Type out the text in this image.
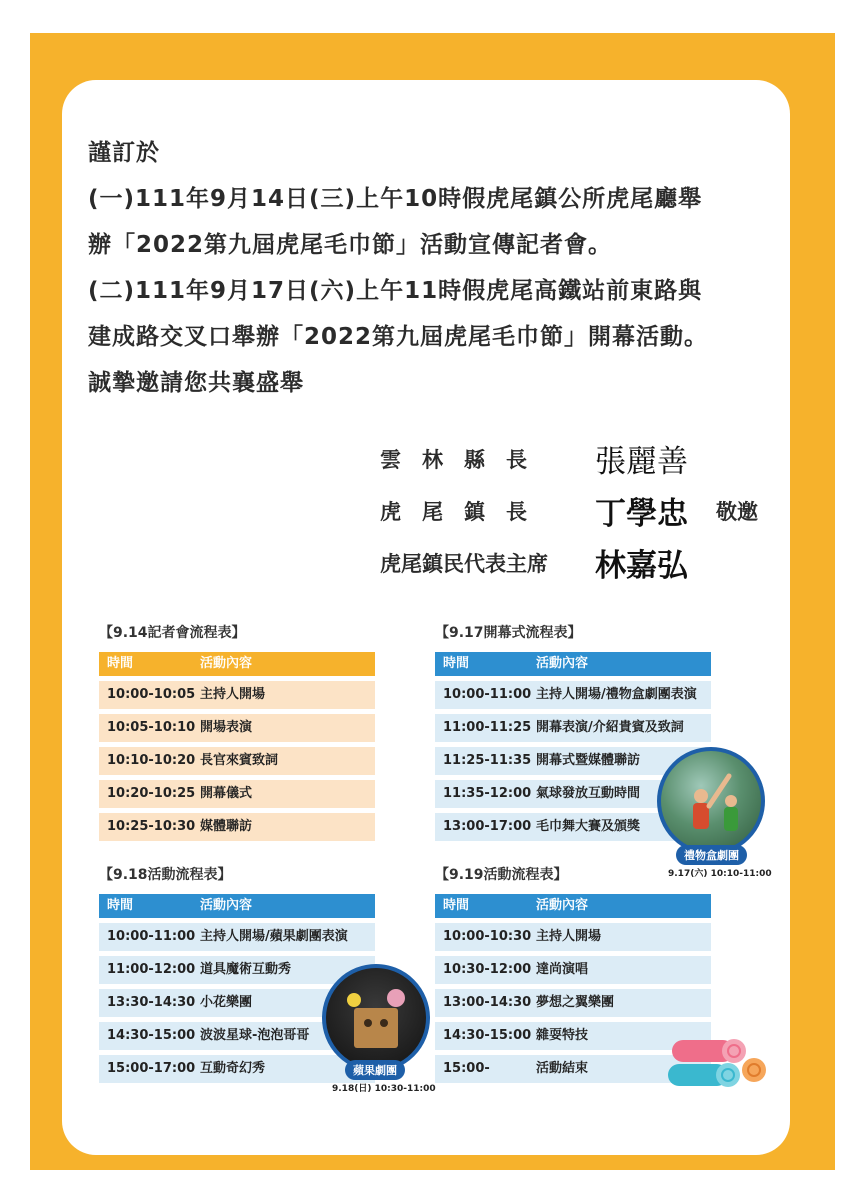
謹訂於
(一)111年9月14日(三)上午10時假虎尾鎮公所虎尾廳舉
辦「2022第九屆虎尾毛巾節」活動宣傳記者會。
(二)111年9月17日(六)上午11時假虎尾高鐵站前東路與
建成路交叉口舉辦「2022第九屆虎尾毛巾節」開幕活動。
誠摯邀請您共襄盛舉
雲　林　縣　長 張麗善
虎　尾　鎮　長 丁學忠 敬邀
虎尾鎮民代表主席 林嘉弘
【9.14記者會流程表】
時間	活動內容
10:00-10:05 主持人開場
10:05-10:10 開場表演
10:10-10:20 長官來賓致詞
10:20-10:25 開幕儀式
10:25-10:30 媒體聯訪
【9.17開幕式流程表】
時間	活動內容
10:00-11:00 主持人開場/禮物盒劇團表演
11:00-11:25 開幕表演/介紹貴賓及致詞
11:25-11:35 開幕式暨媒體聯訪
11:35-12:00 氣球發放互動時間
13:00-17:00 毛巾舞大賽及頒獎
【9.18活動流程表】
時間	活動內容
10:00-11:00 主持人開場/蘋果劇團表演
11:00-12:00 道具魔術互動秀
13:30-14:30 小花樂團
14:30-15:00 波波星球-泡泡哥哥
15:00-17:00 互動奇幻秀
【9.19活動流程表】
時間	活動內容
10:00-10:30 主持人開場
10:30-12:00 達尚演唱
13:00-14:30 夢想之翼樂團
14:30-15:00 雜耍特技
15:00-	活動結束
禮物盒劇團
9.17(六) 10:10-11:00
蘋果劇團
9.18(日) 10:30-11:00
